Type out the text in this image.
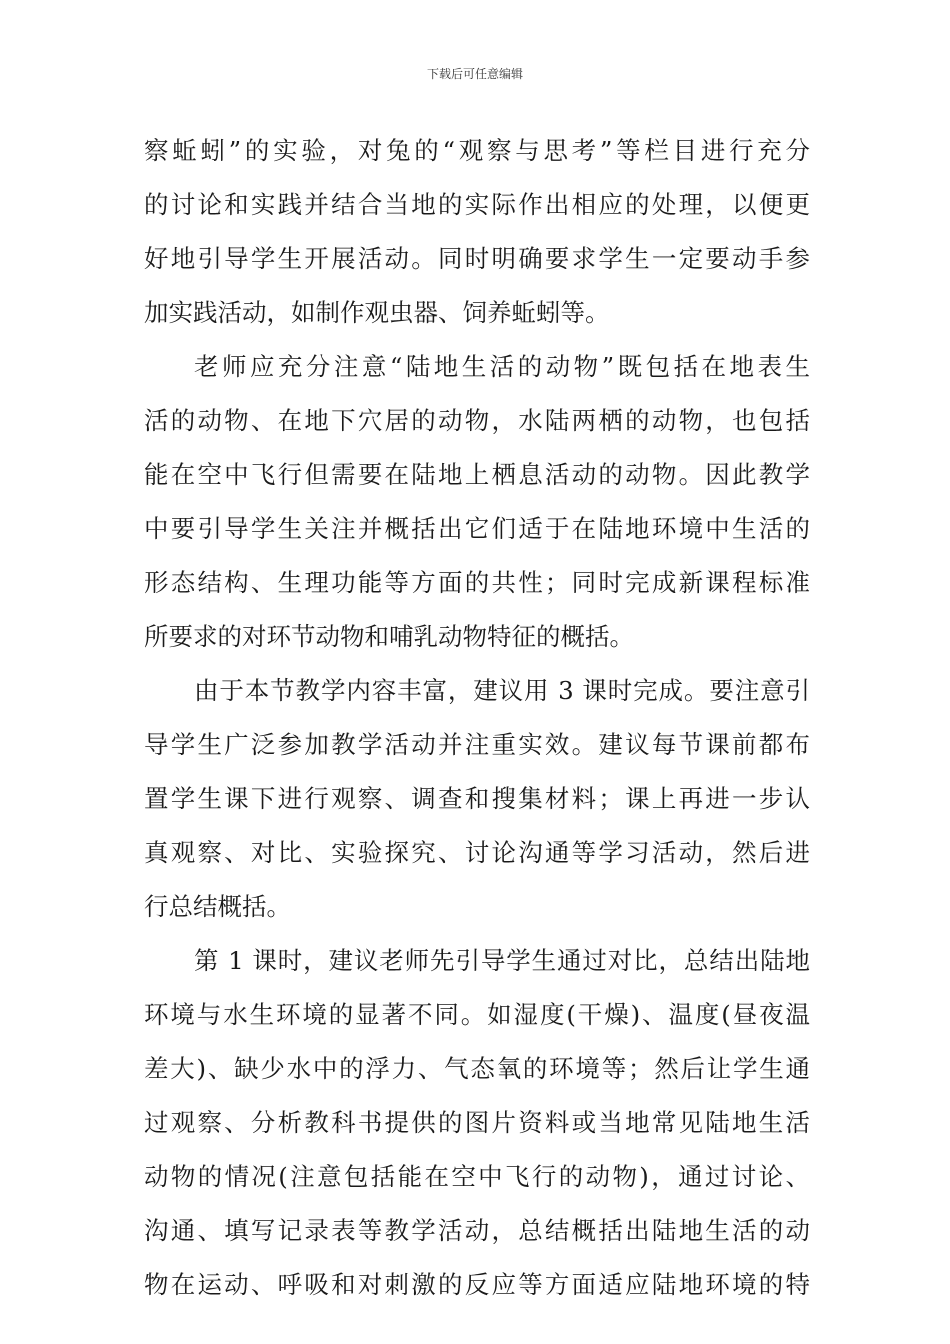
下载后可任意编辑
察蚯蚓”的实验，对兔的“观察与思考”等栏目进行充分
的讨论和实践并结合当地的实际作出相应的处理，以便更
好地引导学生开展活动。同时明确要求学生一定要动手参
加实践活动，如制作观虫器、饲养蚯蚓等。
老师应充分注意“陆地生活的动物”既包括在地表生
活的动物、在地下穴居的动物，水陆两栖的动物，也包括
能在空中飞行但需要在陆地上栖息活动的动物。因此教学
中要引导学生关注并概括出它们适于在陆地环境中生活的
形态结构、生理功能等方面的共性；同时完成新课程标准
所要求的对环节动物和哺乳动物特征的概括。
由于本节教学内容丰富，建议用 3 课时完成。要注意引
导学生广泛参加教学活动并注重实效。建议每节课前都布
置学生课下进行观察、调查和搜集材料；课上再进一步认
真观察、对比、实验探究、讨论沟通等学习活动，然后进
行总结概括。
第 1 课时，建议老师先引导学生通过对比，总结出陆地
环境与水生环境的显著不同。如湿度(干燥)、温度(昼夜温
差大)、缺少水中的浮力、气态氧的环境等；然后让学生通
过观察、分析教科书提供的图片资料或当地常见陆地生活
动物的情况(注意包括能在空中飞行的动物)，通过讨论、
沟通、填写记录表等教学活动，总结概括出陆地生活的动
物在运动、呼吸和对刺激的反应等方面适应陆地环境的特
